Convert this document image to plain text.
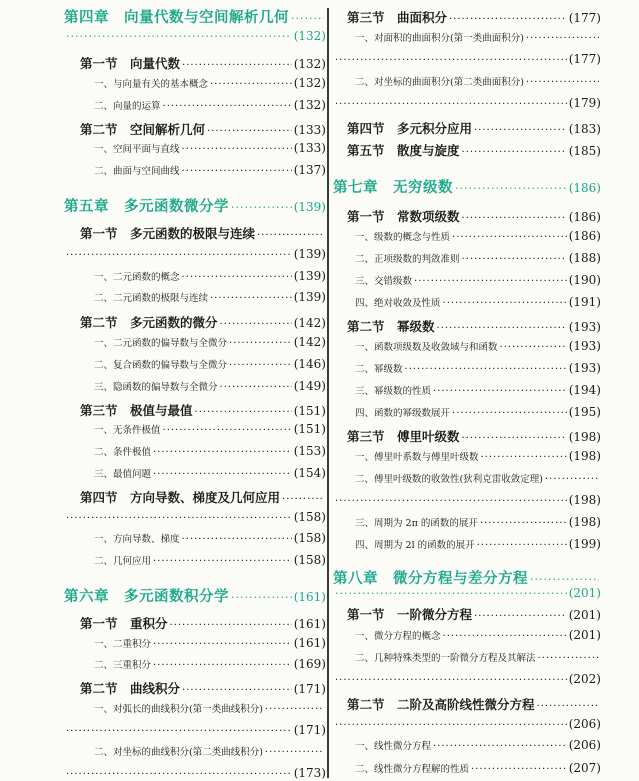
第四章　向量代数与空间解析几何
·····
·····
(132)
第一节　向量代数 ·····	(132)
一、与向量有关的基本概念 ·····	(132)
二、向量的运算 ·····	(132)
第二节　空间解析几何 ·····	(133)
一、空间平面与直线 ·····	(133)
二、曲面与空间曲线 ·····	(137)
第五章　多元函数微分学 ·····	(139)
第一节　多元函数的极限与连续
·····
·····
(139)
一、二元函数的概念 ·····	(139)
二、二元函数的极限与连续 ·····	(139)
第二节　多元函数的微分 ·····	(142)
一、二元函数的偏导数与全微分 ·····	(142)
二、复合函数的偏导数与全微分 ·····	(146)
三、隐函数的偏导数与全微分 ·····	(149)
第三节　极值与最值 ·····	(151)
一、无条件极值 ·····	(151)
二、条件极值 ·····	(153)
三、最值问题 ·····	(154)
第四节　方向导数、梯度及几何应用
·····
·····
(158)
一、方向导数、梯度 ·····	(158)
二、几何应用 ·····	(158)
第六章　多元函数积分学 ·····	(161)
第一节　重积分 ·····	(161)
一、二重积分 ·····	(161)
二、三重积分 ·····	(169)
第二节　曲线积分 ·····	(171)
一、对弧长的曲线积分(第一类曲线积分)
·····
·····
(171)
二、对坐标的曲线积分(第二类曲线积分)
·····
·····
(173)
第三节　曲面积分 ·····	(177)
一、对面积的曲面积分(第一类曲面积分)
·····
·····
(177)
二、对坐标的曲面积分(第二类曲面积分)
·····
·····
(179)
第四节　多元积分应用 ·····	(183)
第五节　散度与旋度 ·····	(185)
第七章　无穷级数 ·····	(186)
第一节　常数项级数 ·····	(186)
一、级数的概念与性质 ·····	(186)
二、正项级数的判敛准则 ·····	(188)
三、交错级数 ·····	(190)
四、绝对收敛及性质 ·····	(191)
第二节　幂级数 ·····	(193)
一、函数项级数及收敛域与和函数 ·····	(193)
二、幂级数 ·····	(193)
三、幂级数的性质 ·····	(194)
四、函数的幂级数展开 ·····	(195)
第三节　傅里叶级数 ·····	(198)
一、傅里叶系数与傅里叶级数 ·····	(198)
二、傅里叶级数的收敛性(狄利克雷收敛定理)
·····
·····
(198)
三、周期为 2π 的函数的展开 ·····	(198)
四、周期为 2l 的函数的展开 ·····	(199)
第八章　微分方程与差分方程
·····
·····
(201)
第一节　一阶微分方程 ·····	(201)
一、微分方程的概念 ·····	(201)
二、几种特殊类型的一阶微分方程及其解法
·····
·····
(202)
第二节　二阶及高阶线性微分方程
·····
·····
(206)
一、线性微分方程 ·····	(206)
二、线性微分方程解的性质 ·····	(207)
